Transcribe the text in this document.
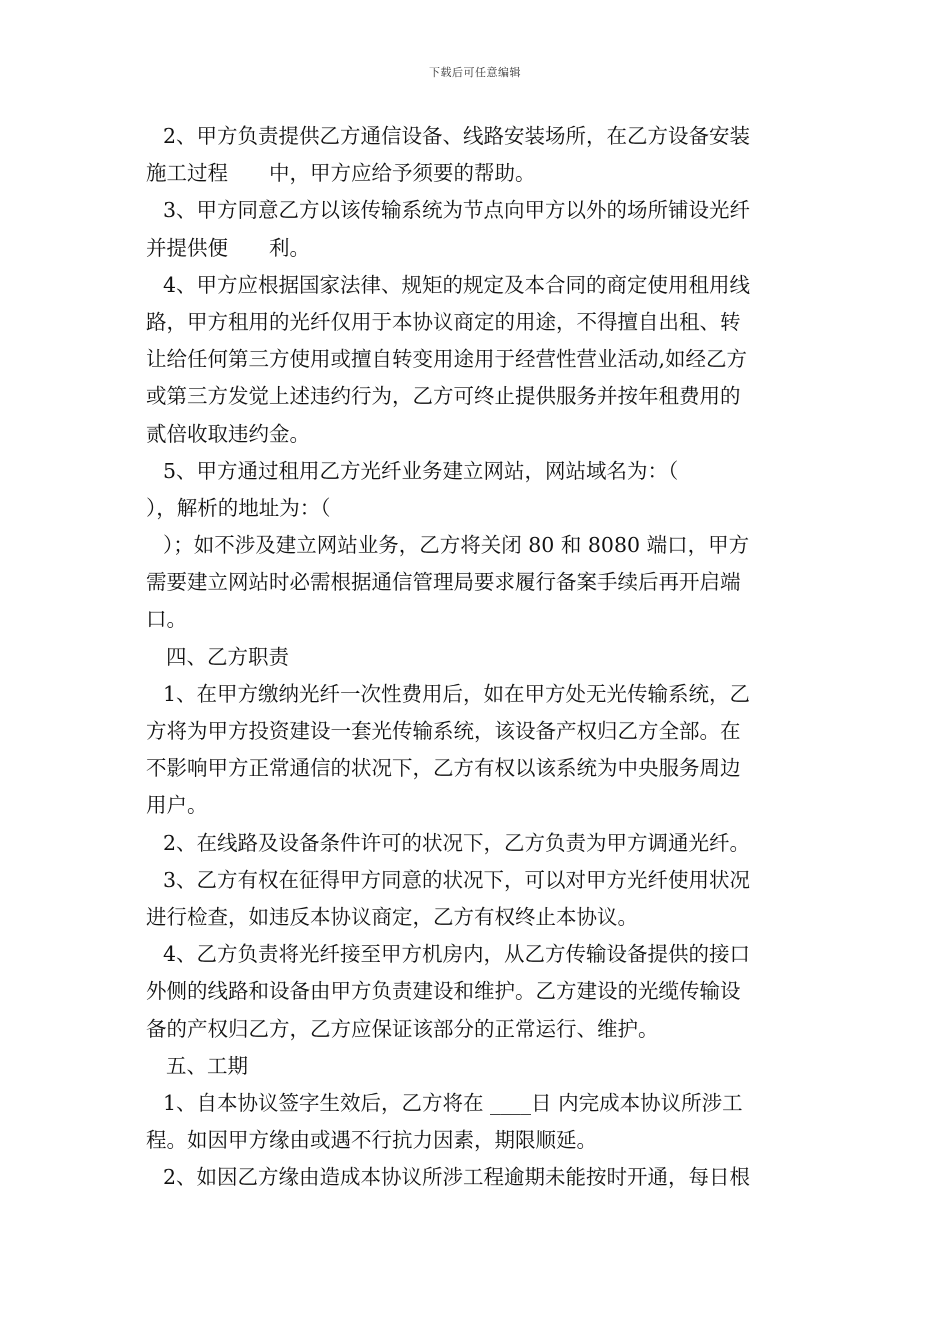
下载后可任意编辑
2、甲方负责提供乙方通信设备、线路安装场所，在乙方设备安装
施工过程　　中，甲方应给予须要的帮助。
3、甲方同意乙方以该传输系统为节点向甲方以外的场所铺设光纤
并提供便　　利。
4、甲方应根据国家法律、规矩的规定及本合同的商定使用租用线
路，甲方租用的光纤仅用于本协议商定的用途，不得擅自出租、转
让给任何第三方使用或擅自转变用途用于经营性营业活动,如经乙方
或第三方发觉上述违约行为，乙方可终止提供服务并按年租费用的
贰倍收取违约金。
5、甲方通过租用乙方光纤业务建立网站，网站域名为：（
），解析的地址为：（
）；如不涉及建立网站业务，乙方将关闭 80 和 8080 端口，甲方
需要建立网站时必需根据通信管理局要求履行备案手续后再开启端
口。
四、乙方职责
1、在甲方缴纳光纤一次性费用后，如在甲方处无光传输系统，乙
方将为甲方投资建设一套光传输系统，该设备产权归乙方全部。在
不影响甲方正常通信的状况下，乙方有权以该系统为中央服务周边
用户。
2、在线路及设备条件许可的状况下，乙方负责为甲方调通光纤。
3、乙方有权在征得甲方同意的状况下，可以对甲方光纤使用状况
进行检查，如违反本协议商定，乙方有权终止本协议。
4、乙方负责将光纤接至甲方机房内，从乙方传输设备提供的接口
外侧的线路和设备由甲方负责建设和维护。乙方建设的光缆传输设
备的产权归乙方，乙方应保证该部分的正常运行、维护。
五、工期
1、自本协议签字生效后，乙方将在 ____日 内完成本协议所涉工
程。如因甲方缘由或遇不行抗力因素，期限顺延。
2、如因乙方缘由造成本协议所涉工程逾期未能按时开通，每日根
